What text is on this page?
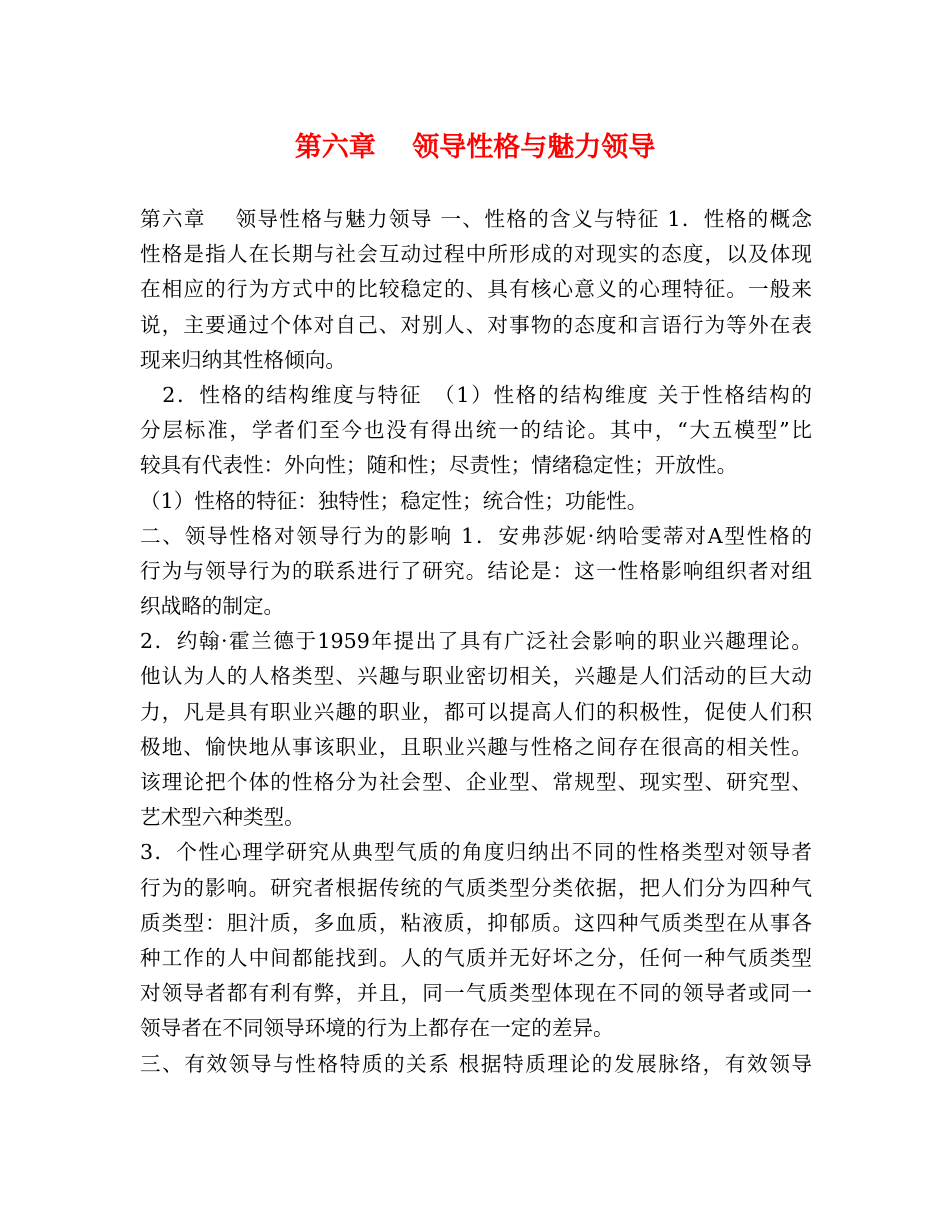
第六章　 领导性格与魅力领导
第六章　 领导性格与魅力领导 一、性格的含义与特征 1．性格的概念
性格是指人在长期与社会互动过程中所形成的对现实的态度，以及体现
在相应的行为方式中的比较稳定的、具有核心意义的心理特征。一般来
说，主要通过个体对自己、对别人、对事物的态度和言语行为等外在表
现来归纳其性格倾向。
　2．性格的结构维度与特征　（1）性格的结构维度 关于性格结构的
分层标准，学者们至今也没有得出统一的结论。其中，“大五模型”比
较具有代表性：外向性；随和性；尽责性；情绪稳定性；开放性。
（1）性格的特征：独特性；稳定性；统合性；功能性。
二、领导性格对领导行为的影响 1．安弗莎妮·纳哈雯蒂对A型性格的
行为与领导行为的联系进行了研究。结论是：这一性格影响组织者对组
织战略的制定。
2．约翰·霍兰德于1959年提出了具有广泛社会影响的职业兴趣理论。
他认为人的人格类型、兴趣与职业密切相关，兴趣是人们活动的巨大动
力，凡是具有职业兴趣的职业，都可以提高人们的积极性，促使人们积
极地、愉快地从事该职业，且职业兴趣与性格之间存在很高的相关性。
该理论把个体的性格分为社会型、企业型、常规型、现实型、研究型、
艺术型六种类型。
3．个性心理学研究从典型气质的角度归纳出不同的性格类型对领导者
行为的影响。研究者根据传统的气质类型分类依据，把人们分为四种气
质类型：胆汁质，多血质，粘液质，抑郁质。这四种气质类型在从事各
种工作的人中间都能找到。人的气质并无好坏之分，任何一种气质类型
对领导者都有利有弊，并且，同一气质类型体现在不同的领导者或同一
领导者在不同领导环境的行为上都存在一定的差异。
三、有效领导与性格特质的关系 根据特质理论的发展脉络，有效领导
